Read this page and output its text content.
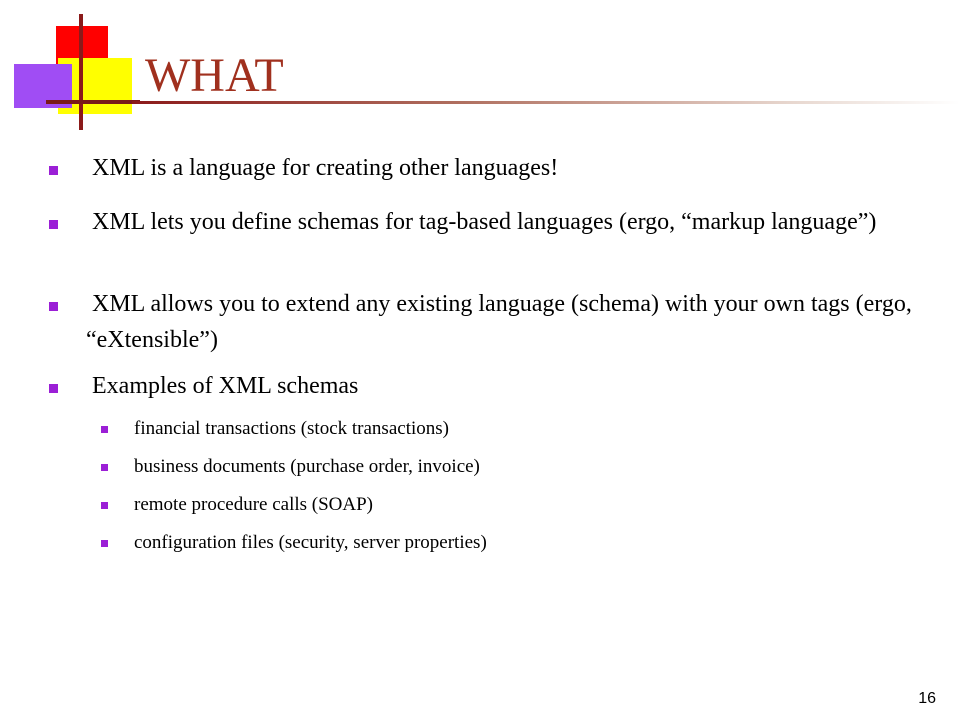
WHAT
XML is a language for creating other languages!
XML lets you define schemas for tag-based languages (ergo, “markup language”)
XML allows you to extend any existing language (schema) with your own tags (ergo, “eXtensible”)
Examples of XML schemas
financial transactions (stock transactions)
business documents (purchase order, invoice)
remote procedure calls (SOAP)
configuration files (security, server properties)
16
